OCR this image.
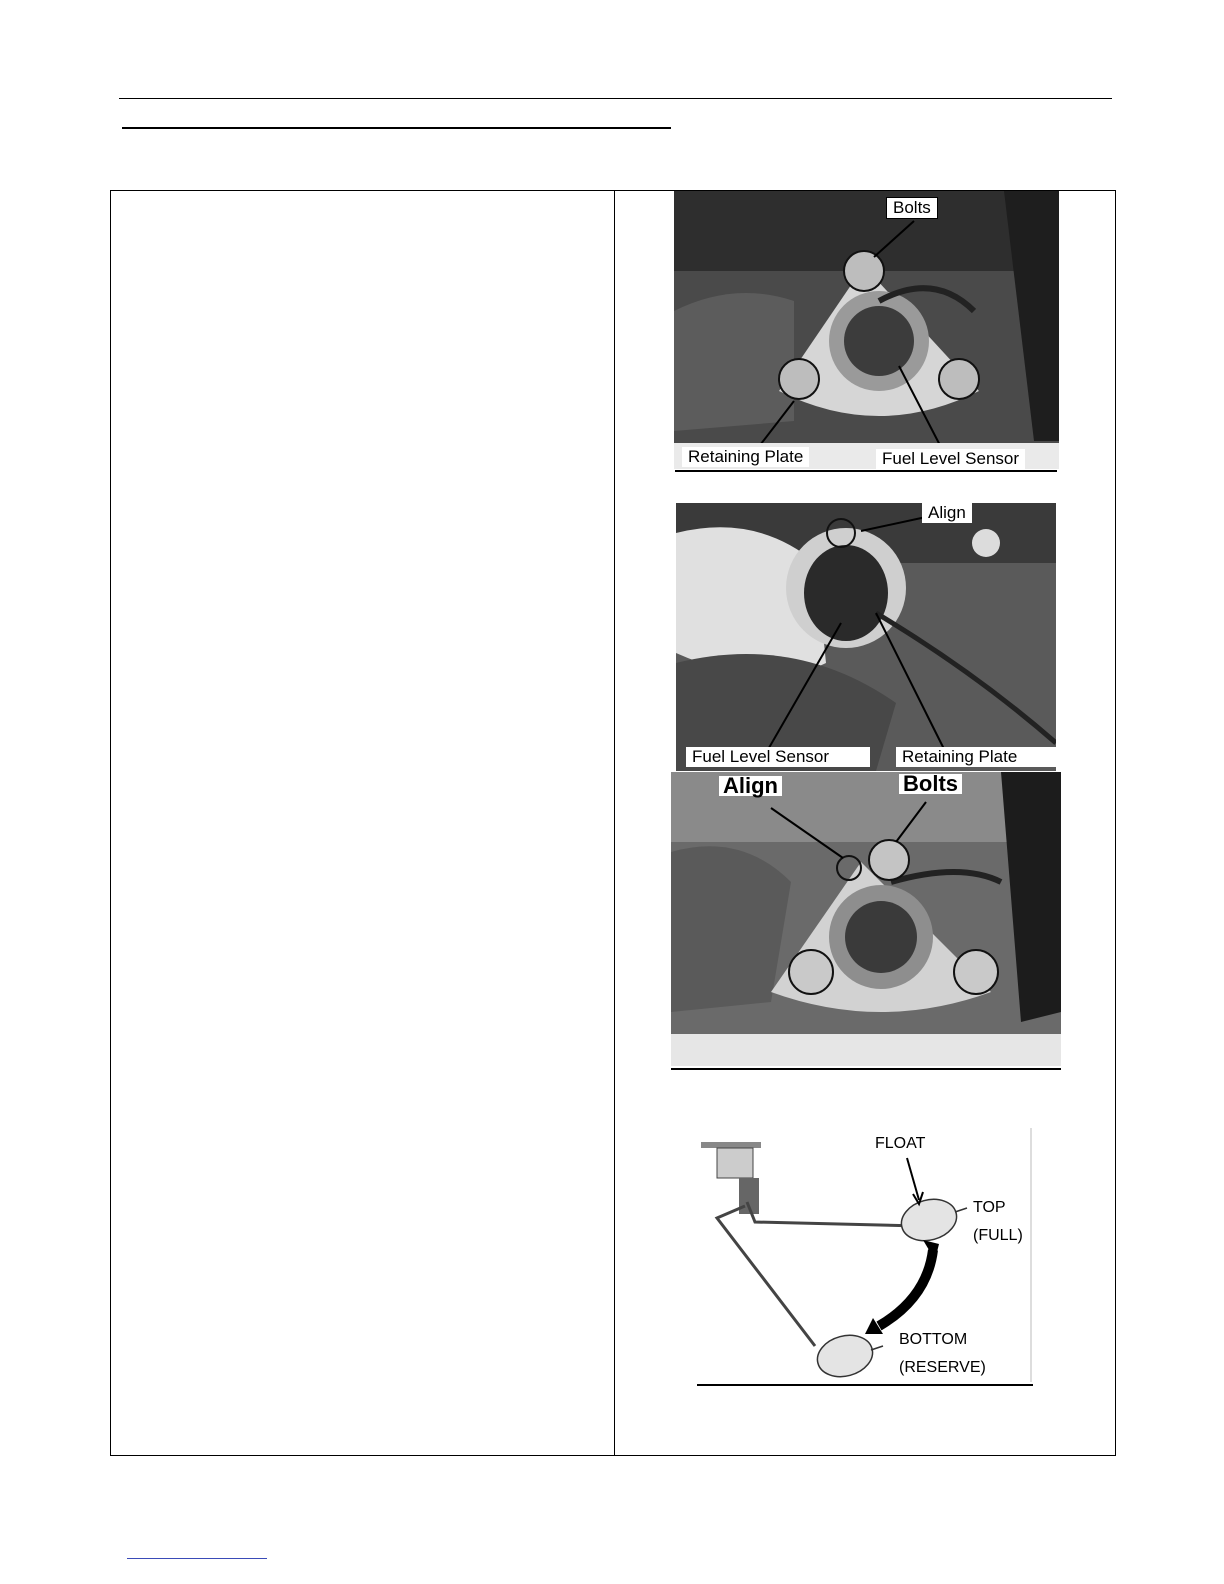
Bolts
Retaining Plate	Fuel Level Sensor
Align
Fuel Level Sensor	Retaining Plate
Align	Bolts
FLOAT
TOP
(FULL)
BOTTOM
(RESERVE)
